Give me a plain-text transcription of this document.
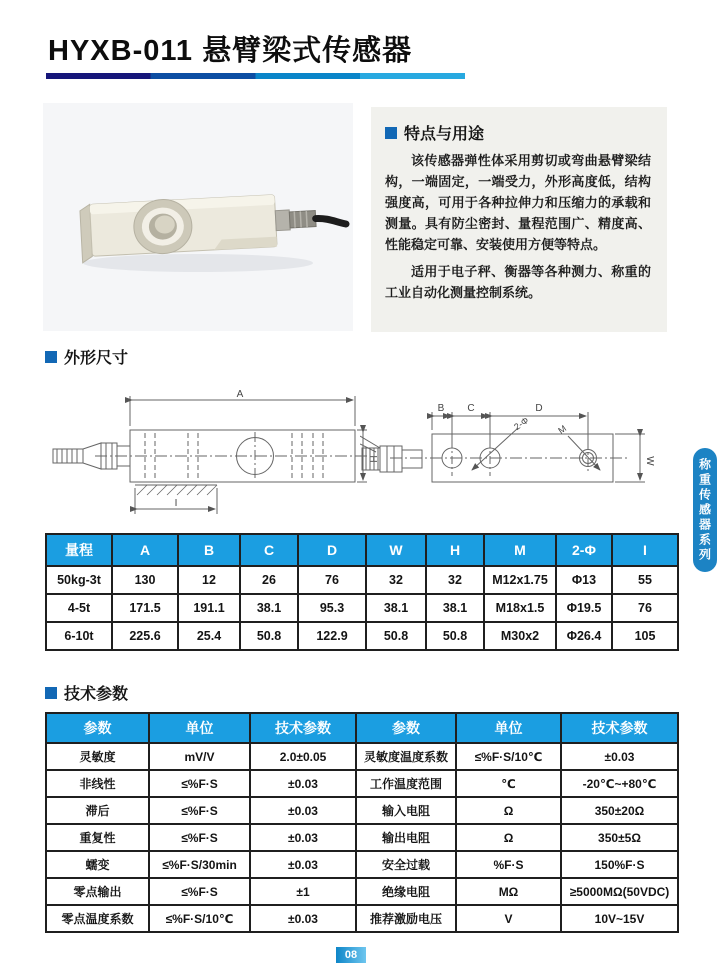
HYXB-011 悬臂梁式传感器
特点与用途

该传感器弹性体采用剪切或弯曲悬臂梁结构，一端固定，一端受力，外形高度低，结构强度高，可用于各种拉伸力和压缩力的承载和测量。具有防尘密封、量程范围广、精度高、性能稳定可靠、安装使用方便等特点。

适用于电子秤、衡器等各种测力、称重的工业自动化测量控制系统。

外形尺寸
A
H
I
B C	D
W
2-Φ	M
量程	A	B	C	D	W	H	M	2-Φ	I
50kg-3t	130	12	26	76	32	32	M12x1.75	Φ13	55
4-5t	171.5	191.1	38.1	95.3	38.1	38.1	M18x1.5	Φ19.5	76
6-10t	225.6	25.4	50.8	122.9	50.8	50.8	M30x2	Φ26.4	105
技术参数
参数	单位	技术参数	参数	单位	技术参数
灵敏度	mV/V	2.0±0.05	灵敏度温度系数	≤%F·S/10℃	±0.03
非线性	≤%F·S	±0.03	工作温度范围	℃	-20℃~+80℃
滞后	≤%F·S	±0.03	输入电阻	Ω	350±20Ω
重复性	≤%F·S	±0.03	输出电阻	Ω	350±5Ω
蠕变	≤%F·S/30min	±0.03	安全过载	%F·S	150%F·S
零点输出	≤%F·S	±1	绝缘电阻	MΩ	≥5000MΩ(50VDC)
零点温度系数	≤%F·S/10℃	±0.03	推荐激励电压	V	10V~15V
称重传感器系列
08
